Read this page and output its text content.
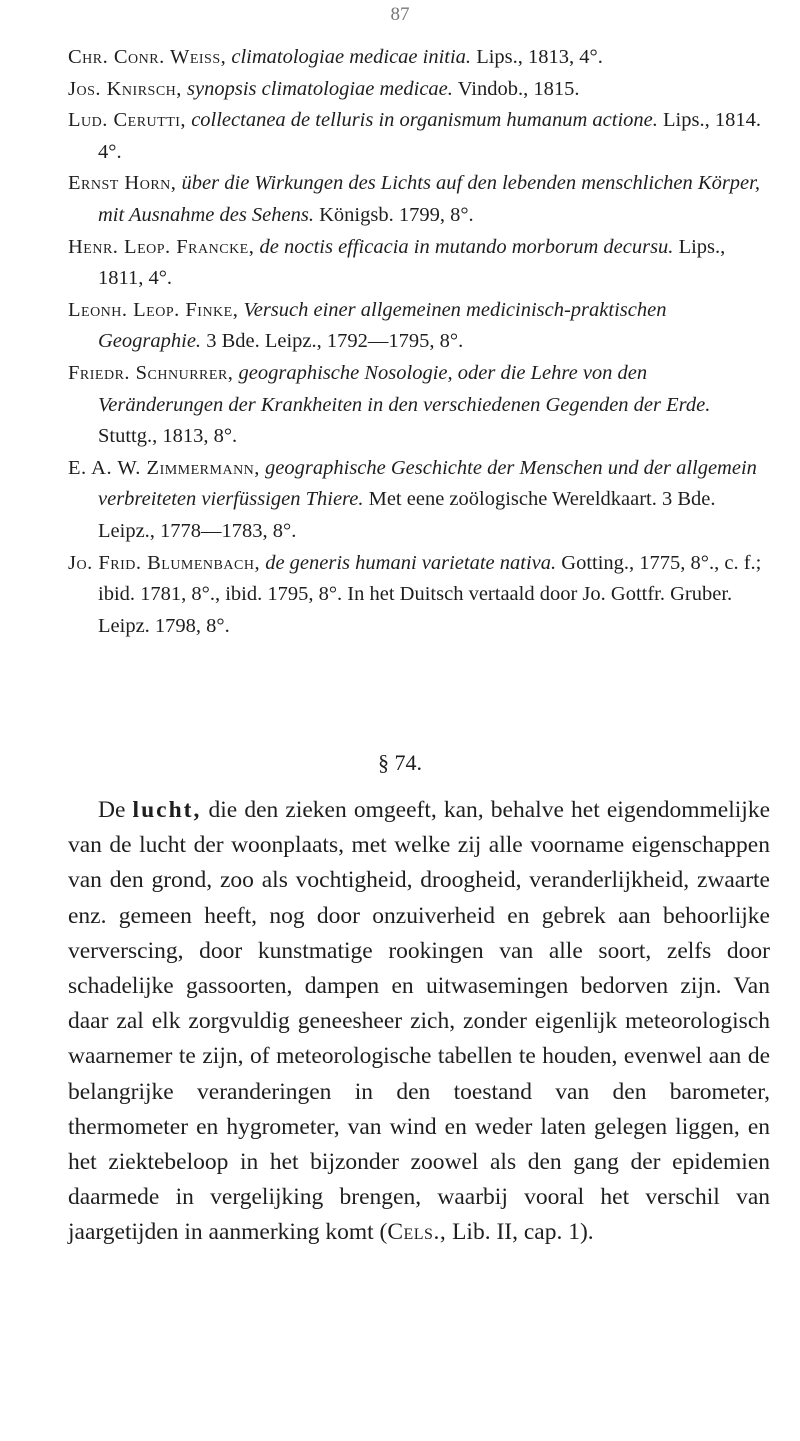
87
Chr. Conr. Weiss, climatologiae medicae initia. Lips., 1813, 4°.
Jos. Knirsch, synopsis climatologiae medicae. Vindob., 1815.
Lud. Cerutti, collectanea de telluris in organismum humanum actione. Lips., 1814. 4°.
Ernst Horn, über die Wirkungen des Lichts auf den lebenden menschlichen Körper, mit Ausnahme des Sehens. Königsb. 1799, 8°.
Henr. Leop. Francke, de noctis efficacia in mutando morborum decursu. Lips., 1811, 4°.
Leonh. Leop. Finke, Versuch einer allgemeinen medicinisch-praktischen Geographie. 3 Bde. Leipz., 1792—1795, 8°.
Friedr. Schnurrer, geographische Nosologie, oder die Lehre von den Veränderungen der Krankheiten in den verschiedenen Gegenden der Erde. Stuttg., 1813, 8°.
E. A. W. Zimmermann, geographische Geschichte der Menschen und der allgemein verbreiteten vierfüssigen Thiere. Met eene zoölogische Wereldkaart. 3 Bde. Leipz., 1778—1783, 8°.
Jo. Frid. Blumenbach, de generis humani varietate nativa. Gotting., 1775, 8°., c. f.; ibid. 1781, 8°., ibid. 1795, 8°. In het Duitsch vertaald door Jo. Gottfr. Gruber. Leipz. 1798, 8°.
§ 74.
De lucht, die den zieken omgeeft, kan, behalve het eigendommelijke van de lucht der woonplaats, met welke zij alle voorname eigenschappen van den grond, zoo als vochtigheid, droogheid, veranderlijkheid, zwaarte enz. gemeen heeft, nog door onzuiverheid en gebrek aan behoorlijke ververscing, door kunstmatige rookingen van alle soort, zelfs door schadelijke gassoorten, dampen en uitwasemingen bedorven zijn. Van daar zal elk zorgvuldig geneesheer zich, zonder eigenlijk meteorologisch waarnemer te zijn, of meteorologische tabellen te houden, evenwel aan de belangrijke veranderingen in den toestand van den barometer, thermometer en hygrometer, van wind en weder laten gelegen liggen, en het ziektebeloop in het bijzonder zoowel als den gang der epidemien daarmede in vergelijking brengen, waarbij vooral het verschil van jaargetijden in aanmerking komt (Cels., Lib. II, cap. 1).
